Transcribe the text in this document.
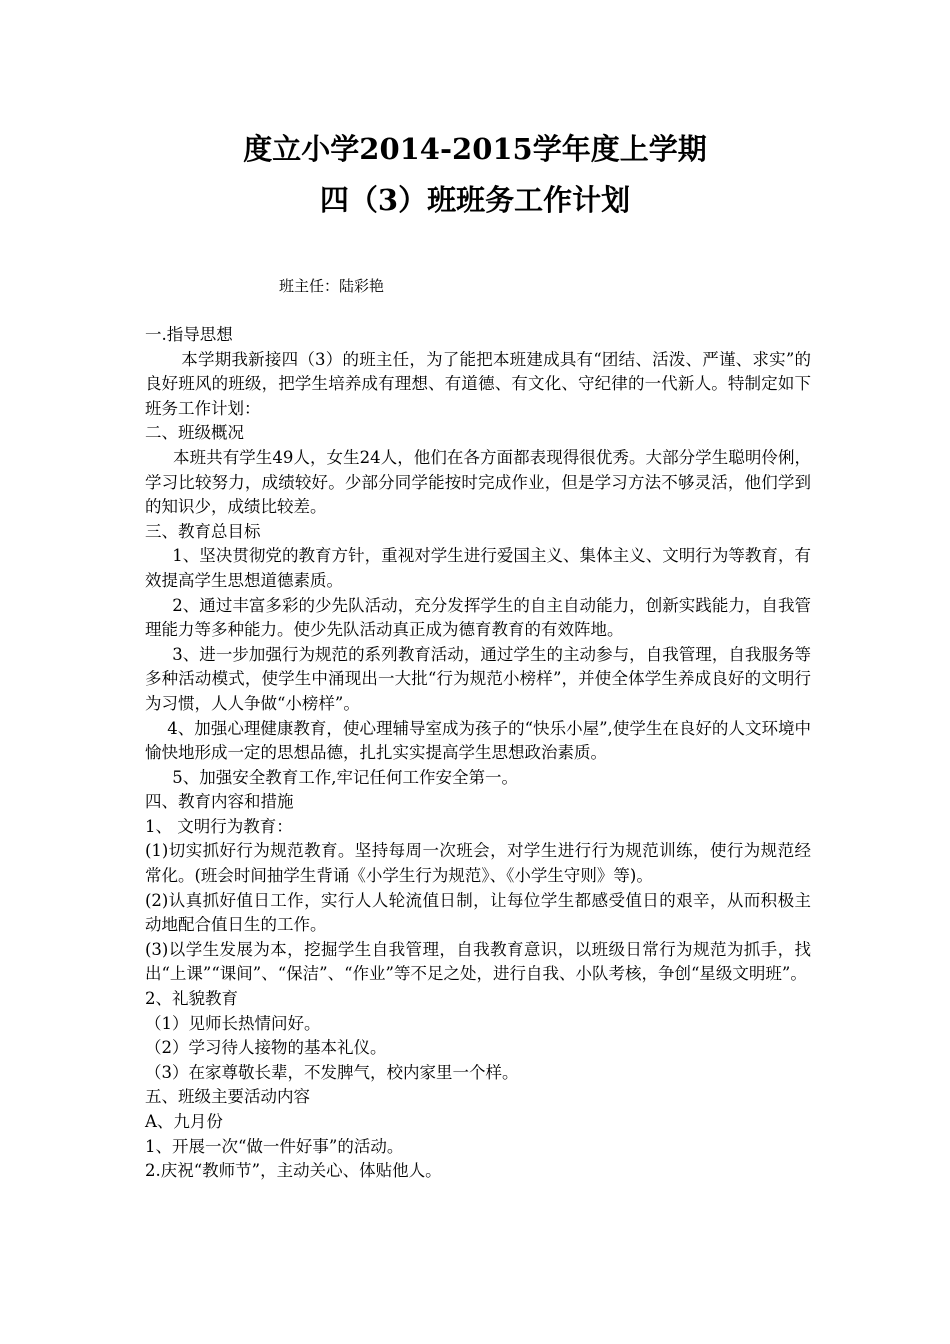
度立小学2014-2015学年度上学期
四（3）班班务工作计划
班主任：陆彩艳

一.指导思想

本学期我新接四（3）的班主任，为了能把本班建成具有“团结、活泼、严谨、求实”的良好班风的班级，把学生培养成有理想、有道德、有文化、守纪律的一代新人。特制定如下班务工作计划：

二、班级概况

本班共有学生49人，女生24人，他们在各方面都表现得很优秀。大部分学生聪明伶俐，学习比较努力，成绩较好。少部分同学能按时完成作业，但是学习方法不够灵活，他们学到的知识少，成绩比较差。

三、教育总目标

1、坚决贯彻党的教育方针，重视对学生进行爱国主义、集体主义、文明行为等教育，有效提高学生思想道德素质。

2、通过丰富多彩的少先队活动，充分发挥学生的自主自动能力，创新实践能力，自我管理能力等多种能力。使少先队活动真正成为德育教育的有效阵地。

3、进一步加强行为规范的系列教育活动，通过学生的主动参与，自我管理，自我服务等多种活动模式，使学生中涌现出一大批“行为规范小榜样”，并使全体学生养成良好的文明行为习惯，人人争做“小榜样”。

4、加强心理健康教育，使心理辅导室成为孩子的“快乐小屋”,使学生在良好的人文环境中愉快地形成一定的思想品德，扎扎实实提高学生思想政治素质。

5、加强安全教育工作,牢记任何工作安全第一。

四、教育内容和措施

1、 文明行为教育：

(1)切实抓好行为规范教育。坚持每周一次班会，对学生进行行为规范训练，使行为规范经常化。(班会时间抽学生背诵《小学生行为规范》、《小学生守则》等)。

(2)认真抓好值日工作，实行人人轮流值日制，让每位学生都感受值日的艰辛，从而积极主动地配合值日生的工作。

(3)以学生发展为本，挖掘学生自我管理，自我教育意识，以班级日常行为规范为抓手，找出“上课”“课间”、“保洁”、“作业”等不足之处，进行自我、小队考核，争创“星级文明班”。

2、礼貌教育

（1）见师长热情问好。

（2）学习待人接物的基本礼仪。

（3）在家尊敬长辈，不发脾气，校内家里一个样。

五、班级主要活动内容

A、九月份

1、开展一次“做一件好事”的活动。

2.庆祝“教师节”，主动关心、体贴他人。
